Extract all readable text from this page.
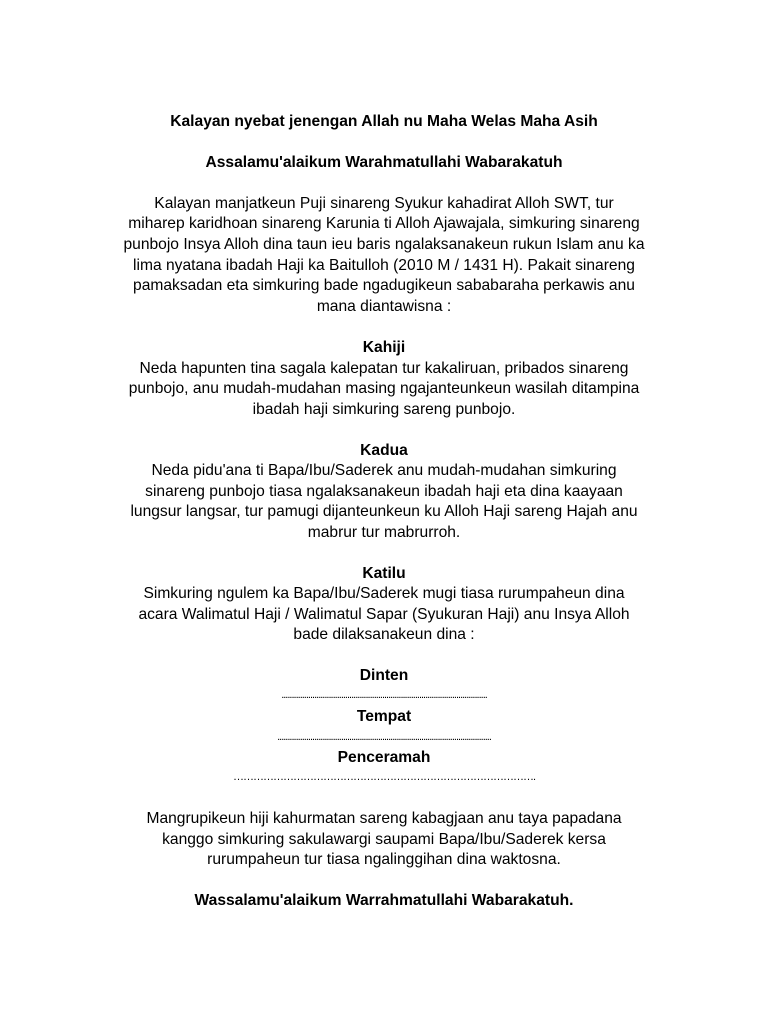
Kalayan nyebat jenengan Allah nu Maha Welas Maha Asih
Assalamu'alaikum Warahmatullahi Wabarakatuh
Kalayan manjatkeun Puji sinareng Syukur kahadirat Alloh SWT, tur
miharep karidhoan sinareng Karunia ti Alloh Ajawajala, simkuring sinareng
punbojo Insya Alloh dina taun ieu baris ngalaksanakeun rukun Islam anu ka
lima nyatana ibadah Haji ka Baitulloh (2010 M / 1431 H). Pakait sinareng
pamaksadan eta simkuring bade ngadugikeun sababaraha perkawis anu
mana diantawisna :
Kahiji
Neda hapunten tina sagala kalepatan tur kakaliruan, pribados sinareng
punbojo, anu mudah-mudahan masing ngajanteunkeun wasilah ditampina
ibadah haji simkuring sareng punbojo.
Kadua
Neda pidu'ana ti Bapa/Ibu/Saderek anu mudah-mudahan simkuring
sinareng punbojo tiasa ngalaksanakeun ibadah haji eta dina kaayaan
lungsur langsar, tur pamugi dijanteunkeun ku Alloh Haji sareng Hajah anu
mabrur tur mabrurroh.
Katilu
Simkuring ngulem ka Bapa/Ibu/Saderek mugi tiasa rurumpaheun dina
acara Walimatul Haji / Walimatul Sapar (Syukuran Haji) anu Insya Alloh
bade dilaksanakeun dina :
Dinten
....................................................................................................
Tempat
........................................................................................................
Penceramah
……………………………………………………………………………….
Mangrupikeun hiji kahurmatan sareng kabagjaan anu taya papadana
kanggo simkuring sakulawargi saupami Bapa/Ibu/Saderek kersa
rurumpaheun tur tiasa ngalinggihan dina waktosna.
Wassalamu'alaikum Warrahmatullahi Wabarakatuh.
